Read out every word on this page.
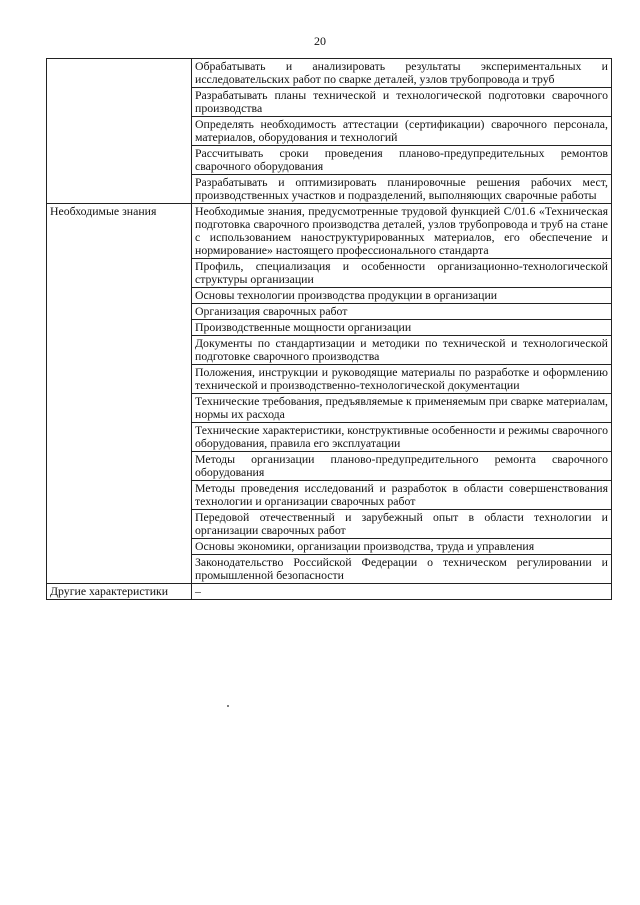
20
	Обрабатывать и анализировать результаты экспериментальных и исследовательских работ по сварке деталей, узлов трубопровода и труб
	Разрабатывать планы технической и технологической подготовки сварочного производства
	Определять необходимость аттестации (сертификации) сварочного персонала, материалов, оборудования и технологий
	Рассчитывать сроки проведения планово-предупредительных ремонтов сварочного оборудования
	Разрабатывать и оптимизировать планировочные решения рабочих мест, производственных участков и подразделений, выполняющих сварочные работы
Необходимые знания	Необходимые знания, предусмотренные трудовой функцией C/01.6 «Техническая подготовка сварочного производства деталей, узлов трубопровода и труб на стане с использованием наноструктурированных материалов, его обеспечение и нормирование» настоящего профессионального стандарта
	Профиль, специализация и особенности организационно-технологической структуры организации
	Основы технологии производства продукции в организации
	Организация сварочных работ
	Производственные мощности организации
	Документы по стандартизации и методики по технической и технологической подготовке сварочного производства
	Положения, инструкции и руководящие материалы по разработке и оформлению технической и производственно-технологической документации
	Технические требования, предъявляемые к применяемым при сварке материалам, нормы их расхода
	Технические характеристики, конструктивные особенности и режимы сварочного оборудования, правила его эксплуатации
	Методы организации планово-предупредительного ремонта сварочного оборудования
	Методы проведения исследований и разработок в области совершенствования технологии и организации сварочных работ
	Передовой отечественный и зарубежный опыт в области технологии и организации сварочных работ
	Основы экономики, организации производства, труда и управления
	Законодательство Российской Федерации о техническом регулировании и промышленной безопасности
Другие характеристики	–
